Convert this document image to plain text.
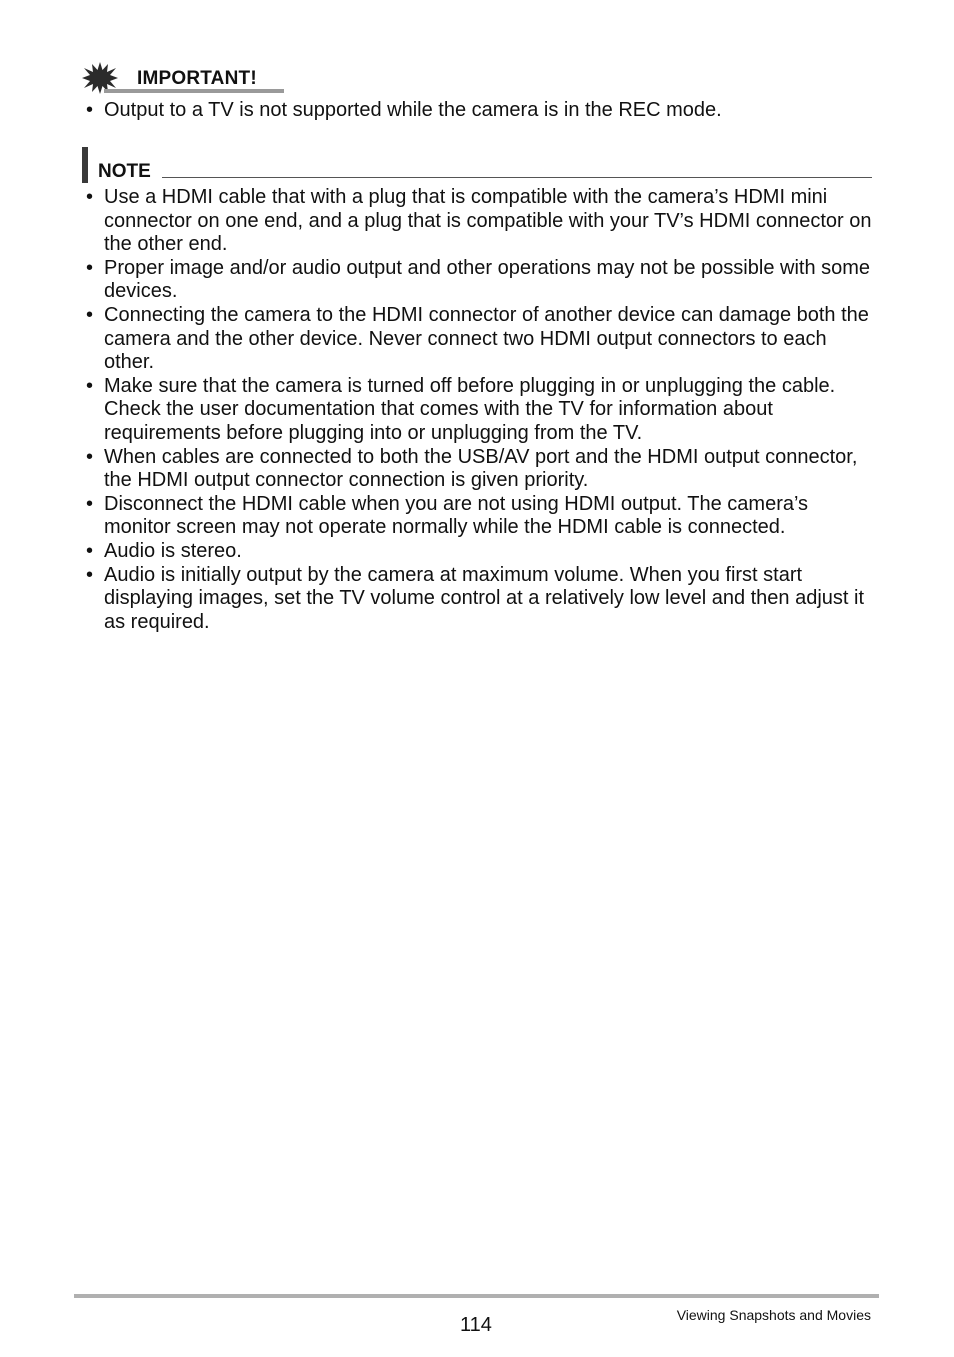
IMPORTANT!
• Output to a TV is not supported while the camera is in the REC mode.
NOTE
• Use a HDMI cable that with a plug that is compatible with the camera’s HDMI mini connector on one end, and a plug that is compatible with your TV’s HDMI connector on the other end.
• Proper image and/or audio output and other operations may not be possible with some devices.
• Connecting the camera to the HDMI connector of another device can damage both the camera and the other device. Never connect two HDMI output connectors to each other.
• Make sure that the camera is turned off before plugging in or unplugging the cable. Check the user documentation that comes with the TV for information about requirements before plugging into or unplugging from the TV.
• When cables are connected to both the USB/AV port and the HDMI output connector, the HDMI output connector connection is given priority.
• Disconnect the HDMI cable when you are not using HDMI output. The camera’s monitor screen may not operate normally while the HDMI cable is connected.
• Audio is stereo.
• Audio is initially output by the camera at maximum volume. When you first start displaying images, set the TV volume control at a relatively low level and then adjust it as required.
114	Viewing Snapshots and Movies
